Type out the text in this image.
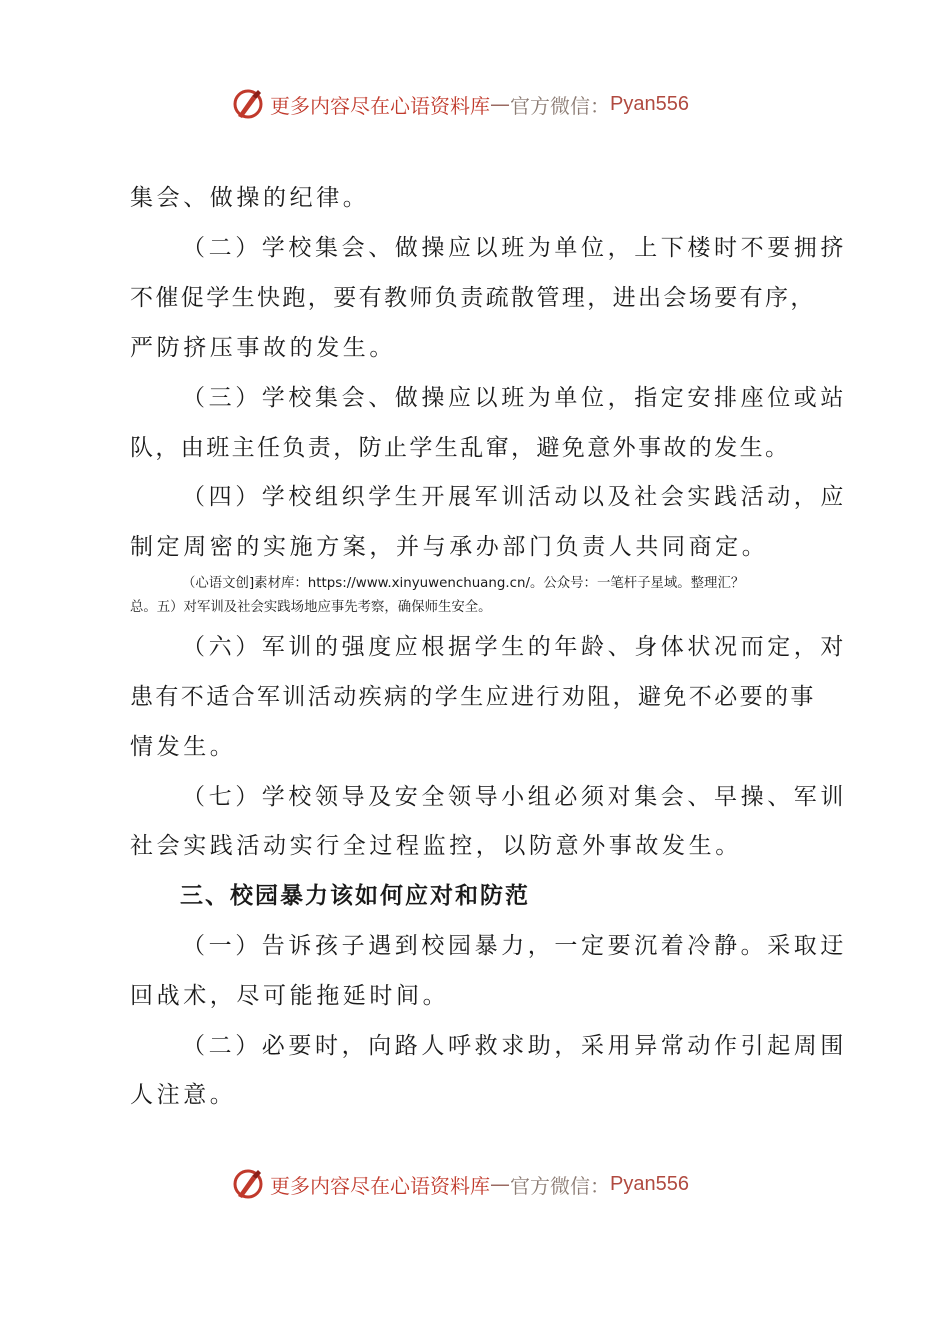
更多内容尽在心语资料库 — 官方微信： Pyan556
集会、做操的纪律。
（二）学校集会、做操应以班为单位，上下楼时不要拥挤
不催促学生快跑，要有教师负责疏散管理，进出会场要有序，
严防挤压事故的发生。
（三）学校集会、做操应以班为单位，指定安排座位或站
队，由班主任负责，防止学生乱窜，避免意外事故的发生。
（四）学校组织学生开展军训活动以及社会实践活动，应
制定周密的实施方案，并与承办部门负责人共同商定。
（心语文创]素材库：https://www.xinyuwenchuang.cn/。公众号：一笔杆子星域。整理汇？
总。五）对军训及社会实践场地应事先考察，确保师生安全。
（六）军训的强度应根据学生的年龄、身体状况而定，对
患有不适合军训活动疾病的学生应进行劝阻，避免不必要的事
情发生。
（七）学校领导及安全领导小组必须对集会、早操、军训
社会实践活动实行全过程监控，以防意外事故发生。
三、校园暴力该如何应对和防范
（一）告诉孩子遇到校园暴力，一定要沉着冷静。采取迂
回战术，尽可能拖延时间。
（二）必要时，向路人呼救求助，采用异常动作引起周围
人注意。
更多内容尽在心语资料库 — 官方微信： Pyan556
